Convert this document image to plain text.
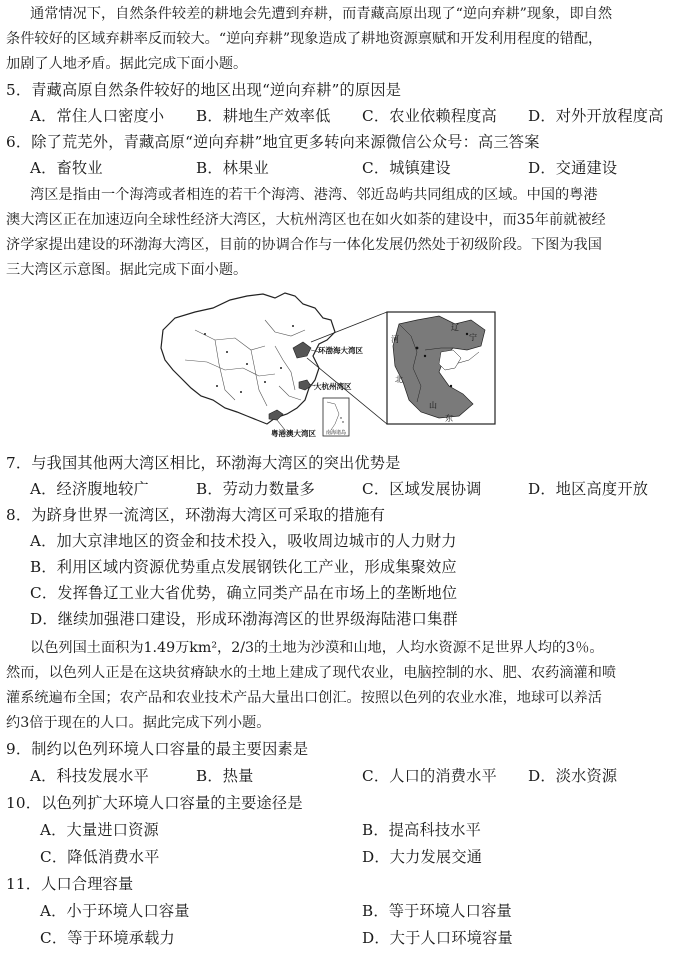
通常情况下，自然条件较差的耕地会先遭到弃耕，而青藏高原出现了“逆向弃耕”现象，即自然
条件较好的区域弃耕率反而较大。“逆向弃耕”现象造成了耕地资源禀赋和开发利用程度的错配，
加剧了人地矛盾。据此完成下面小题。
5．青藏高原自然条件较好的地区出现“逆向弃耕”的原因是
A．常住人口密度小 B．耕地生产效率低 C．农业依赖程度高 D．对外开放程度高
6．除了荒芜外，青藏高原“逆向弃耕”地宜更多转向来源微信公众号：高三答案
A．畜牧业	B．林果业	C．城镇建设	D．交通建设
湾区是指由一个海湾或者相连的若干个海湾、港湾、邻近岛屿共同组成的区域。中国的粤港
澳大湾区正在加速迈向全球性经济大湾区，大杭州湾区也在如火如荼的建设中，而35年前就被经
济学家提出建设的环渤海大湾区，目前的协调合作与一体化发展仍然处于初级阶段。下图为我国
三大湾区示意图。据此完成下面小题。
环渤海大湾区
大杭州湾区
粤港澳大湾区 南海诸岛
辽
宁
河
北
山
东
7．与我国其他两大湾区相比，环渤海大湾区的突出优势是
A．经济腹地较广	B．劳动力数量多	C．区域发展协调	D．地区高度开放
8．为跻身世界一流湾区，环渤海大湾区可采取的措施有
A．加大京津地区的资金和技术投入，吸收周边城市的人力财力
B．利用区域内资源优势重点发展钢铁化工产业，形成集聚效应
C．发挥鲁辽工业大省优势，确立同类产品在市场上的垄断地位
D．继续加强港口建设，形成环渤海湾区的世界级海陆港口集群
以色列国土面积为1.49万km²，2/3的土地为沙漠和山地，人均水资源不足世界人均的3％。
然而，以色列人正是在这块贫瘠缺水的土地上建成了现代农业，电脑控制的水、肥、农药滴灌和喷
灌系统遍布全国；农产品和农业技术产品大量出口创汇。按照以色列的农业水准，地球可以养活
约3倍于现在的人口。据此完成下列小题。
9．制约以色列环境人口容量的最主要因素是
A．科技发展水平	B．热量	C．人口的消费水平 D．淡水资源
10．以色列扩大环境人口容量的主要途径是
A．大量进口资源	B．提高科技水平
C．降低消费水平	D．大力发展交通
11．人口合理容量
A．小于环境人口容量	B．等于环境人口容量
C．等于环境承载力	D．大于人口环境容量
